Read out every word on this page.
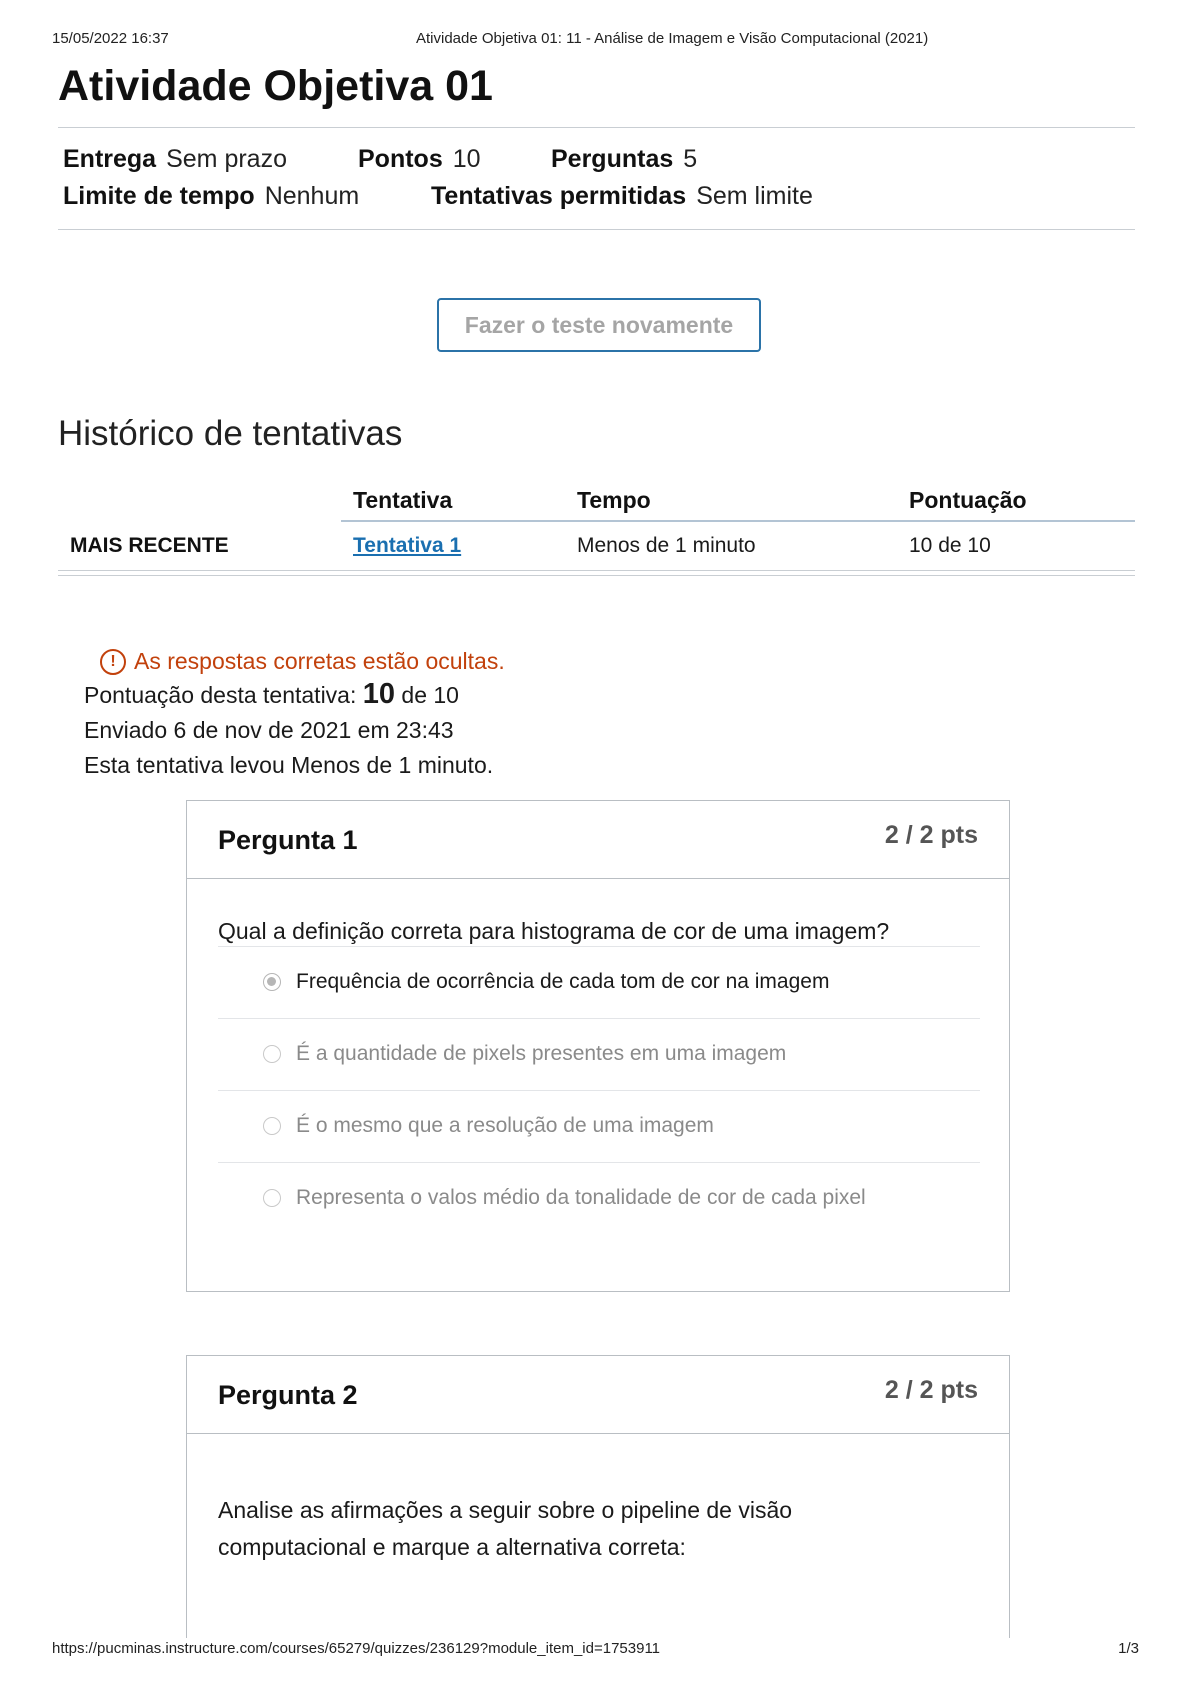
15/05/2022 16:37	Atividade Objetiva 01: 11 - Análise de Imagem e Visão Computacional (2021)
Atividade Objetiva 01
Entrega Sem prazo	Pontos 10	Perguntas 5
Limite de tempo Nenhum	Tentativas permitidas Sem limite
Fazer o teste novamente
Histórico de tentativas
	Tentativa	Tempo	Pontuação
MAIS RECENTE	Tentativa 1	Menos de 1 minuto	10 de 10
! As respostas corretas estão ocultas.
Pontuação desta tentativa: 10 de 10
Enviado 6 de nov de 2021 em 23:43
Esta tentativa levou Menos de 1 minuto.
Pergunta 1	2 / 2 pts
Qual a definição correta para histograma de cor de uma imagem?
Frequência de ocorrência de cada tom de cor na imagem
É a quantidade de pixels presentes em uma imagem
É o mesmo que a resolução de uma imagem
Representa o valos médio da tonalidade de cor de cada pixel
Pergunta 2	2 / 2 pts
Analise as afirmações a seguir sobre o pipeline de visão
computacional e marque a alternativa correta:
https://pucminas.instructure.com/courses/65279/quizzes/236129?module_item_id=1753911	1/3
